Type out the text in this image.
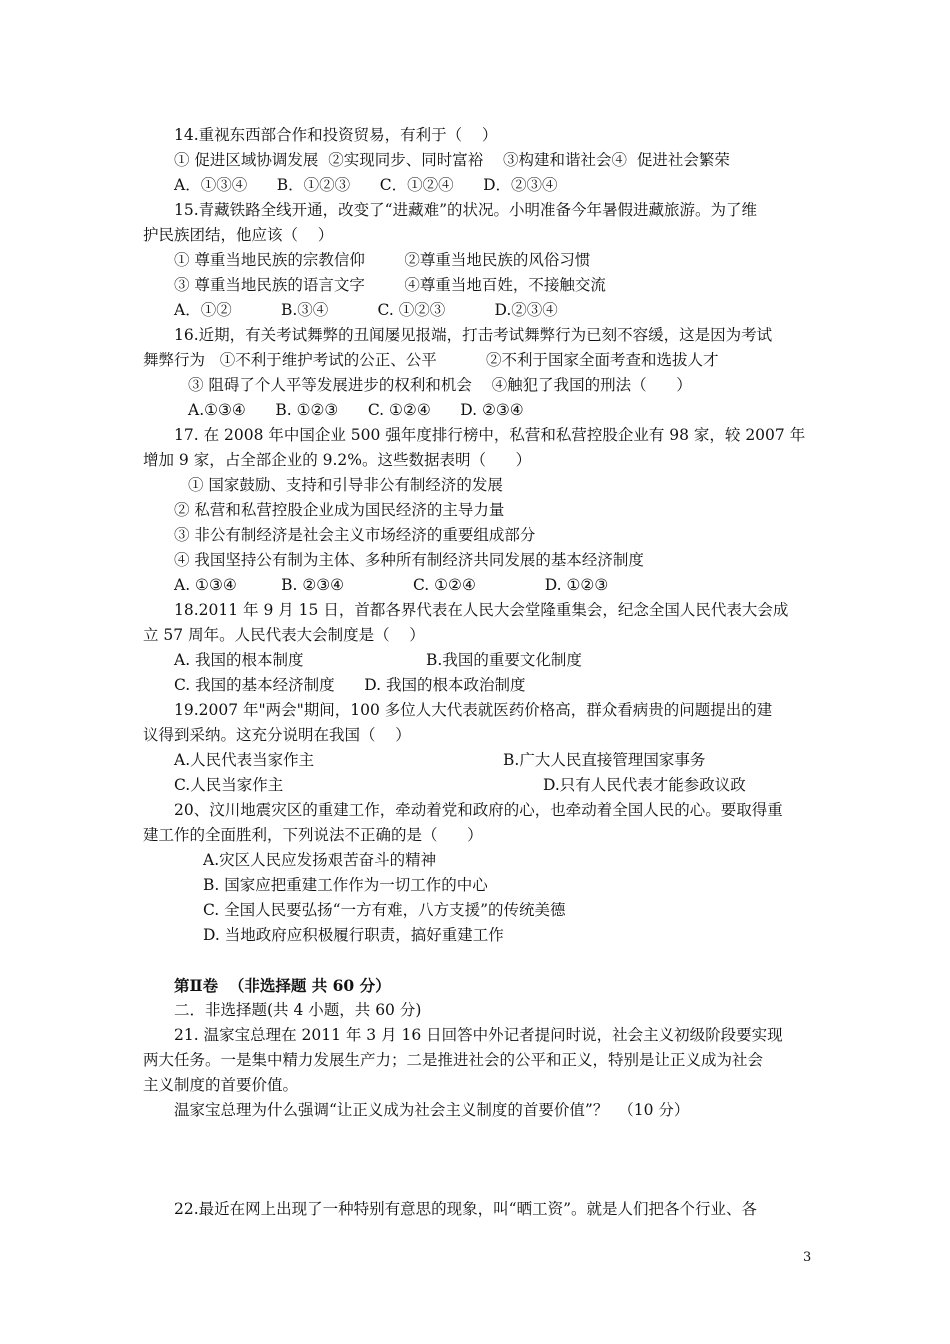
14.重视东西部合作和投资贸易，有利于（    ）
① 促进区域协调发展  ②实现同步、同时富裕    ③构建和谐社会④  促进社会繁荣
A．①③④      B．①②③      C．①②④      D．②③④
15.青藏铁路全线开通，改变了“进藏难”的状况。小明准备今年暑假进藏旅游。为了维
护民族团结，他应该（    ）
① 尊重当地民族的宗教信仰        ②尊重当地民族的风俗习惯
③ 尊重当地民族的语言文字        ④尊重当地百姓，不接触交流
A．①②          B.③④          C. ①②③          D.②③④
16.近期，有关考试舞弊的丑闻屡见报端，打击考试舞弊行为已刻不容缓，这是因为考试
舞弊行为   ①不利于维护考试的公正、公平          ②不利于国家全面考查和选拔人才
③ 阻碍了个人平等发展进步的权利和机会    ④触犯了我国的刑法（      ）
A.①③④      B. ①②③      C. ①②④      D. ②③④
17. 在 2008 年中国企业 500 强年度排行榜中，私营和私营控股企业有 98 家，较 2007 年
增加 9 家，占全部企业的 9.2%。这些数据表明（      ）
① 国家鼓励、支持和引导非公有制经济的发展
② 私营和私营控股企业成为国民经济的主导力量
③ 非公有制经济是社会主义市场经济的重要组成部分
④ 我国坚持公有制为主体、多种所有制经济共同发展的基本经济制度
A. ①③④         B. ②③④              C. ①②④              D. ①②③
18.2011 年 9 月 15 日，首都各界代表在人民大会堂隆重集会，纪念全国人民代表大会成
立 57 周年。人民代表大会制度是（    ）
A. 我国的根本制度	B.我国的重要文化制度
C. 我国的基本经济制度      D. 我国的根本政治制度
19.2007 年"两会"期间，100 多位人大代表就医药价格高，群众看病贵的问题提出的建
议得到采纳。这充分说明在我国（    ）
A.人民代表当家作主	B.广大人民直接管理国家事务
C.人民当家作主	D.只有人民代表才能参政议政
20、汶川地震灾区的重建工作，牵动着党和政府的心，也牵动着全国人民的心。要取得重
建工作的全面胜利，下列说法不正确的是（      ）
A.灾区人民应发扬艰苦奋斗的精神
B. 国家应把重建工作作为一切工作的中心
C. 全国人民要弘扬“一方有难，八方支援”的传统美德
D. 当地政府应积极履行职责，搞好重建工作
第Ⅱ卷  （非选择题 共 60 分）
二．非选择题(共 4 小题，共 60 分)
21. 温家宝总理在 2011 年 3 月 16 日回答中外记者提问时说，社会主义初级阶段要实现
两大任务。一是集中精力发展生产力；二是推进社会的公平和正义，特别是让正义成为社会
主义制度的首要价值。
温家宝总理为什么强调“让正义成为社会主义制度的首要价值”？  （10 分）
22.最近在网上出现了一种特别有意思的现象，叫“晒工资”。就是人们把各个行业、各
3
